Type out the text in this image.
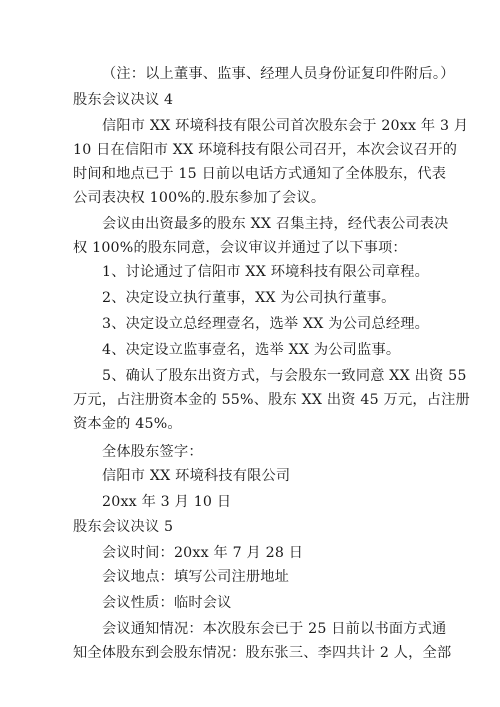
（注：以上董事、监事、经理人员身份证复印件附后。）
股东会议决议 4
信阳市 XX 环境科技有限公司首次股东会于 20xx 年 3 月
10 日在信阳市 XX 环境科技有限公司召开，本次会议召开的
时间和地点已于 15 日前以电话方式通知了全体股东，代表
公司表决权 100%的.股东参加了会议。
会议由出资最多的股东 XX 召集主持，经代表公司表决
权 100%的股东同意，会议审议并通过了以下事项：
1、讨论通过了信阳市 XX 环境科技有限公司章程。
2、决定设立执行董事，XX 为公司执行董事。
3、决定设立总经理壹名，选举 XX 为公司总经理。
4、决定设立监事壹名，选举 XX 为公司监事。
5、确认了股东出资方式，与会股东一致同意 XX 出资 55
万元，占注册资本金的 55%、股东 XX 出资 45 万元，占注册
资本金的 45%。
全体股东签字：
信阳市 XX 环境科技有限公司
20xx 年 3 月 10 日
股东会议决议 5
会议时间：20xx 年 7 月 28 日
会议地点：填写公司注册地址
会议性质：临时会议
会议通知情况：本次股东会已于 25 日前以书面方式通
知全体股东到会股东情况：股东张三、李四共计 2 人，全部
